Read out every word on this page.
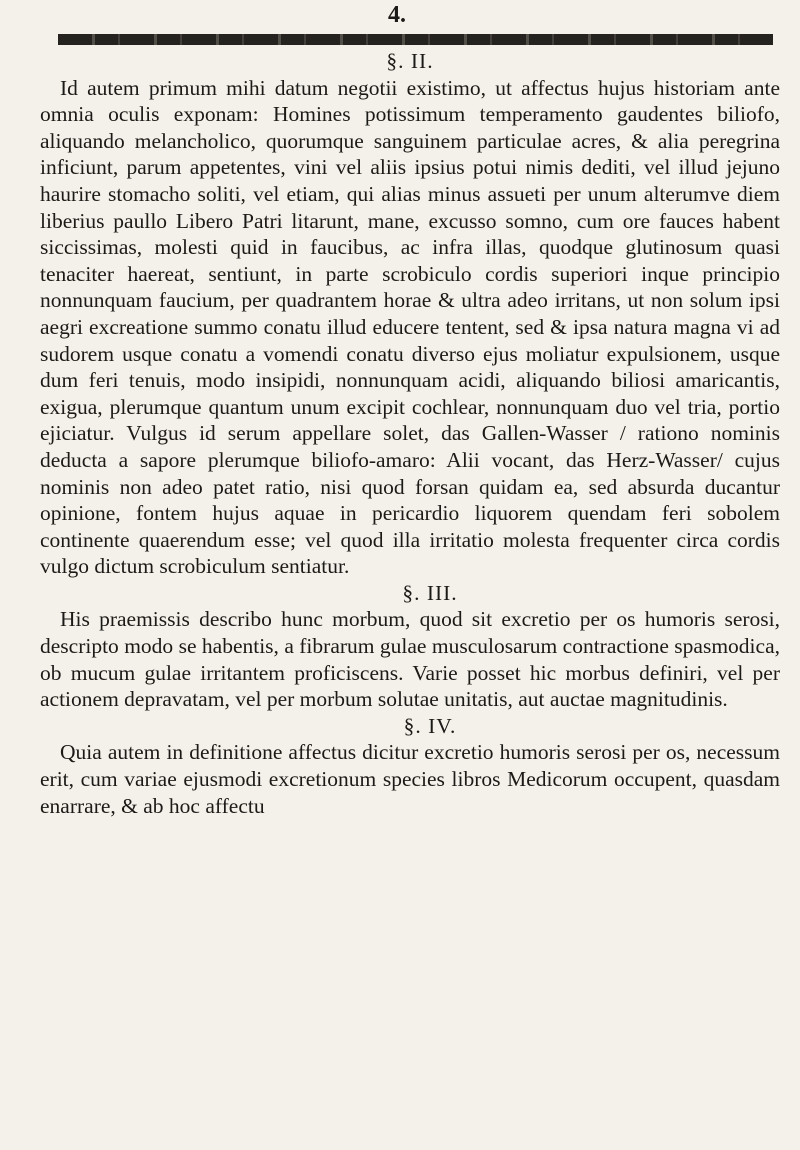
4.
§. II.

Id autem primum mihi datum negotii existimo, ut affectus hujus historiam ante omnia oculis exponam: Homines potissimum temperamento gaudentes biliofo, aliquando melancholico, quorumque sanguinem particulae acres, & alia peregrina inficiunt, parum appetentes, vini vel aliis ipsius potui nimis dediti, vel illud jejuno haurire stomacho soliti, vel etiam, qui alias minus assueti per unum alterumve diem liberius paullo Libero Patri litarunt, mane, excusso somno, cum ore fauces habent siccissimas, molesti quid in faucibus, ac infra illas, quodque glutinosum quasi tenaciter haereat, sentiunt, in parte scrobiculo cordis superiori inque principio nonnunquam faucium, per quadrantem horae & ultra adeo irritans, ut non solum ipsi aegri excreatione summo conatu illud educere tentent, sed & ipsa natura magna vi ad sudorem usque conatu a vomendi conatu diverso ejus moliatur expulsionem, usque dum feri tenuis, modo insipidi, nonnunquam acidi, aliquando biliosi amaricantis, exigua, plerumque quantum unum excipit cochlear, nonnunquam duo vel tria, portio ejiciatur. Vulgus id serum appellare solet, das Gallen-Wasser / rationo nominis deducta a sapore plerumque biliofo-amaro: Alii vocant, das Herz-Wasser/ cujus nominis non adeo patet ratio, nisi quod forsan quidam ea, sed absurda ducantur opinione, fontem hujus aquae in pericardio liquorem quendam feri sobolem continente quaerendum esse; vel quod illa irritatio molesta frequenter circa cordis vulgo dictum scrobiculum sentiatur.

§. III.

His praemissis describo hunc morbum, quod sit excretio per os humoris serosi, descripto modo se habentis, a fibrarum gulae musculosarum contractione spasmodica, ob mucum gulae irritantem proficiscens. Varie posset hic morbus definiri, vel per actionem depravatam, vel per morbum solutae unitatis, aut auctae magnitudinis.

§. IV.

Quia autem in definitione affectus dicitur excretio humoris serosi per os, necessum erit, cum variae ejusmodi excretionum species libros Medicorum occupent, quasdam enarrare, & ab hoc affectu
